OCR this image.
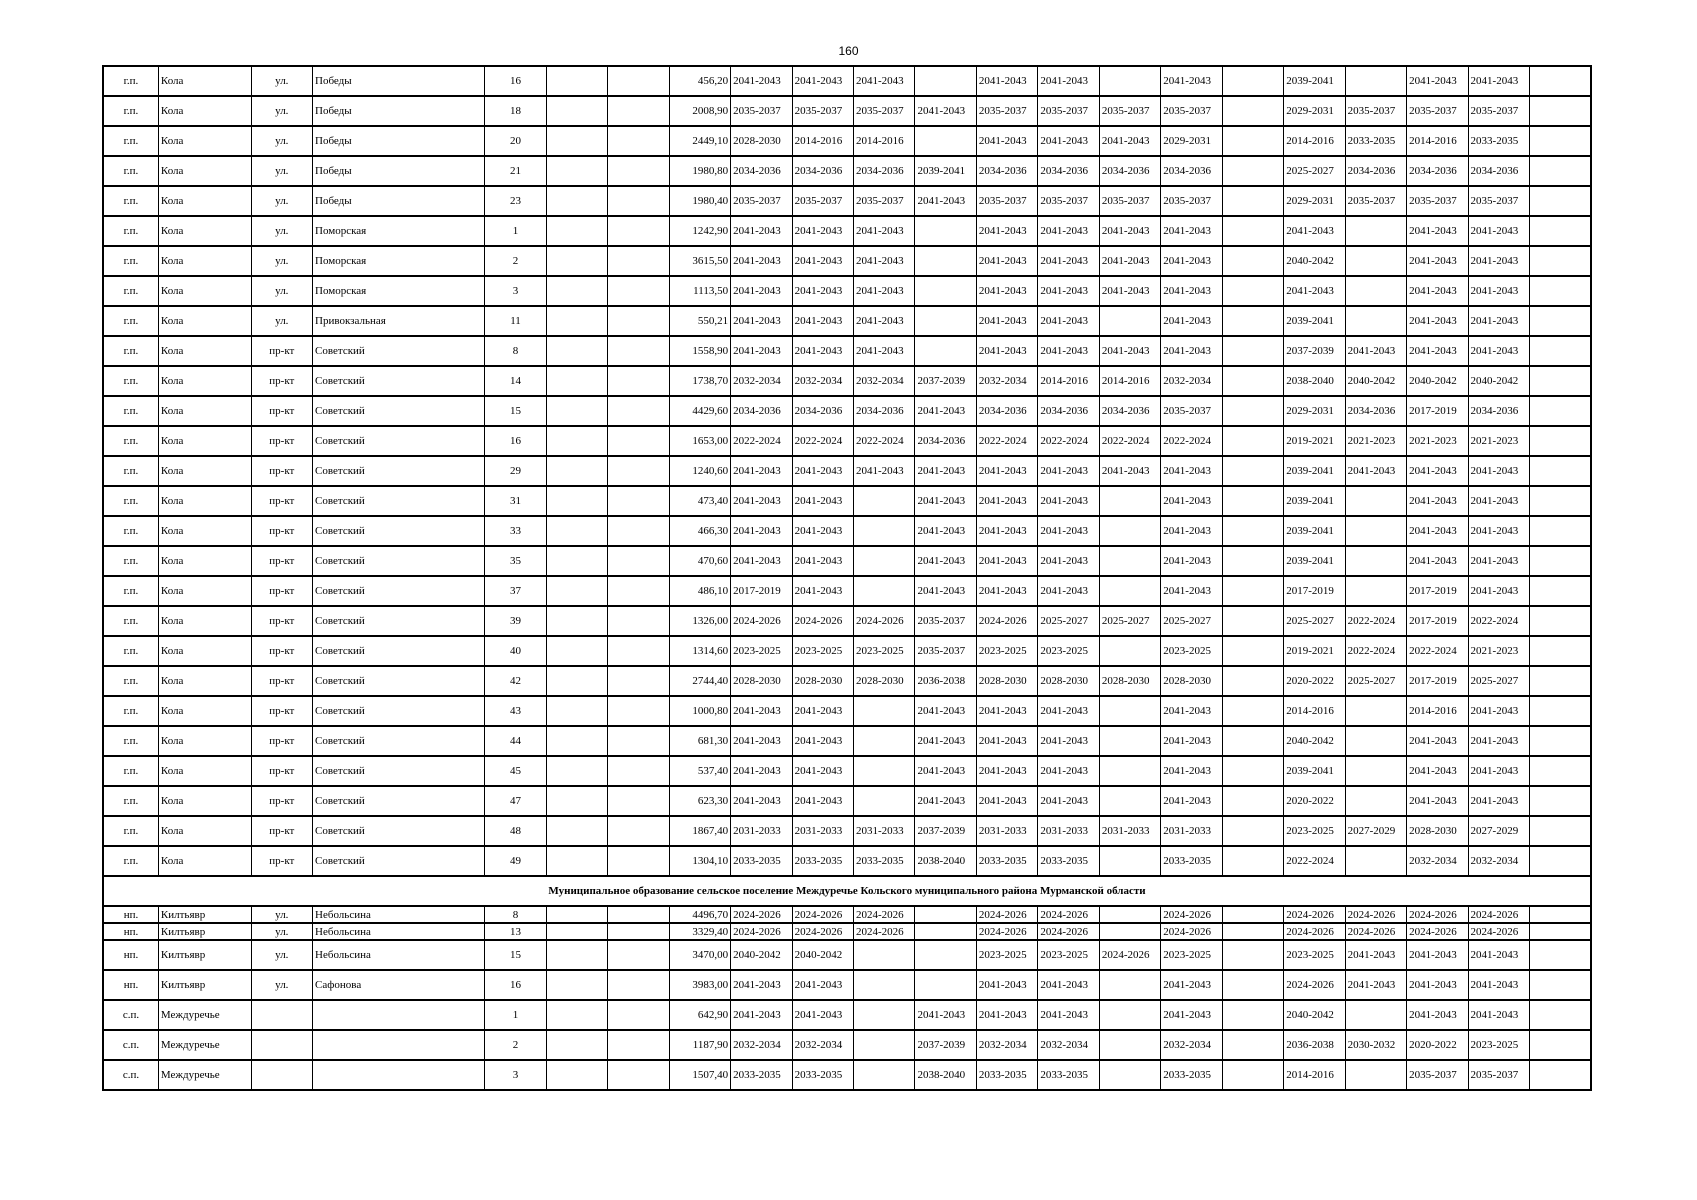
160
г.п.	Кола	ул.	Победы	16			456,20	2041-2043	2041-2043	2041-2043		2041-2043	2041-2043		2041-2043		2039-2041		2041-2043	2041-2043	
г.п.	Кола	ул.	Победы	18			2008,90	2035-2037	2035-2037	2035-2037	2041-2043	2035-2037	2035-2037	2035-2037	2035-2037		2029-2031	2035-2037	2035-2037	2035-2037	
г.п.	Кола	ул.	Победы	20			2449,10	2028-2030	2014-2016	2014-2016		2041-2043	2041-2043	2041-2043	2029-2031		2014-2016	2033-2035	2014-2016	2033-2035	
г.п.	Кола	ул.	Победы	21			1980,80	2034-2036	2034-2036	2034-2036	2039-2041	2034-2036	2034-2036	2034-2036	2034-2036		2025-2027	2034-2036	2034-2036	2034-2036	
г.п.	Кола	ул.	Победы	23			1980,40	2035-2037	2035-2037	2035-2037	2041-2043	2035-2037	2035-2037	2035-2037	2035-2037		2029-2031	2035-2037	2035-2037	2035-2037	
г.п.	Кола	ул.	Поморская	1			1242,90	2041-2043	2041-2043	2041-2043		2041-2043	2041-2043	2041-2043	2041-2043		2041-2043		2041-2043	2041-2043	
г.п.	Кола	ул.	Поморская	2			3615,50	2041-2043	2041-2043	2041-2043		2041-2043	2041-2043	2041-2043	2041-2043		2040-2042		2041-2043	2041-2043	
г.п.	Кола	ул.	Поморская	3			1113,50	2041-2043	2041-2043	2041-2043		2041-2043	2041-2043	2041-2043	2041-2043		2041-2043		2041-2043	2041-2043	
г.п.	Кола	ул.	Привокзальная	11			550,21	2041-2043	2041-2043	2041-2043		2041-2043	2041-2043		2041-2043		2039-2041		2041-2043	2041-2043	
г.п.	Кола	пр-кт	Советский	8			1558,90	2041-2043	2041-2043	2041-2043		2041-2043	2041-2043	2041-2043	2041-2043		2037-2039	2041-2043	2041-2043	2041-2043	
г.п.	Кола	пр-кт	Советский	14			1738,70	2032-2034	2032-2034	2032-2034	2037-2039	2032-2034	2014-2016	2014-2016	2032-2034		2038-2040	2040-2042	2040-2042	2040-2042	
г.п.	Кола	пр-кт	Советский	15			4429,60	2034-2036	2034-2036	2034-2036	2041-2043	2034-2036	2034-2036	2034-2036	2035-2037		2029-2031	2034-2036	2017-2019	2034-2036	
г.п.	Кола	пр-кт	Советский	16			1653,00	2022-2024	2022-2024	2022-2024	2034-2036	2022-2024	2022-2024	2022-2024	2022-2024		2019-2021	2021-2023	2021-2023	2021-2023	
г.п.	Кола	пр-кт	Советский	29			1240,60	2041-2043	2041-2043	2041-2043	2041-2043	2041-2043	2041-2043	2041-2043	2041-2043		2039-2041	2041-2043	2041-2043	2041-2043	
г.п.	Кола	пр-кт	Советский	31			473,40	2041-2043	2041-2043		2041-2043	2041-2043	2041-2043		2041-2043		2039-2041		2041-2043	2041-2043	
г.п.	Кола	пр-кт	Советский	33			466,30	2041-2043	2041-2043		2041-2043	2041-2043	2041-2043		2041-2043		2039-2041		2041-2043	2041-2043	
г.п.	Кола	пр-кт	Советский	35			470,60	2041-2043	2041-2043		2041-2043	2041-2043	2041-2043		2041-2043		2039-2041		2041-2043	2041-2043	
г.п.	Кола	пр-кт	Советский	37			486,10	2017-2019	2041-2043		2041-2043	2041-2043	2041-2043		2041-2043		2017-2019		2017-2019	2041-2043	
г.п.	Кола	пр-кт	Советский	39			1326,00	2024-2026	2024-2026	2024-2026	2035-2037	2024-2026	2025-2027	2025-2027	2025-2027		2025-2027	2022-2024	2017-2019	2022-2024	
г.п.	Кола	пр-кт	Советский	40			1314,60	2023-2025	2023-2025	2023-2025	2035-2037	2023-2025	2023-2025		2023-2025		2019-2021	2022-2024	2022-2024	2021-2023	
г.п.	Кола	пр-кт	Советский	42			2744,40	2028-2030	2028-2030	2028-2030	2036-2038	2028-2030	2028-2030	2028-2030	2028-2030		2020-2022	2025-2027	2017-2019	2025-2027	
г.п.	Кола	пр-кт	Советский	43			1000,80	2041-2043	2041-2043		2041-2043	2041-2043	2041-2043		2041-2043		2014-2016		2014-2016	2041-2043	
г.п.	Кола	пр-кт	Советский	44			681,30	2041-2043	2041-2043		2041-2043	2041-2043	2041-2043		2041-2043		2040-2042		2041-2043	2041-2043	
г.п.	Кола	пр-кт	Советский	45			537,40	2041-2043	2041-2043		2041-2043	2041-2043	2041-2043		2041-2043		2039-2041		2041-2043	2041-2043	
г.п.	Кола	пр-кт	Советский	47			623,30	2041-2043	2041-2043		2041-2043	2041-2043	2041-2043		2041-2043		2020-2022		2041-2043	2041-2043	
г.п.	Кола	пр-кт	Советский	48			1867,40	2031-2033	2031-2033	2031-2033	2037-2039	2031-2033	2031-2033	2031-2033	2031-2033		2023-2025	2027-2029	2028-2030	2027-2029	
г.п.	Кола	пр-кт	Советский	49			1304,10	2033-2035	2033-2035	2033-2035	2038-2040	2033-2035	2033-2035		2033-2035		2022-2024		2032-2034	2032-2034	
Муниципальное образование сельское поселение Междуречье Кольского муниципального района Мурманской области																					
нп.	Килтьявр	ул.	Небольсина	8			4496,70	2024-2026	2024-2026	2024-2026		2024-2026	2024-2026		2024-2026		2024-2026	2024-2026	2024-2026	2024-2026	
нп.	Килтьявр	ул.	Небольсина	13			3329,40	2024-2026	2024-2026	2024-2026		2024-2026	2024-2026		2024-2026		2024-2026	2024-2026	2024-2026	2024-2026	
нп.	Килтьявр	ул.	Небольсина	15			3470,00	2040-2042	2040-2042			2023-2025	2023-2025	2024-2026	2023-2025		2023-2025	2041-2043	2041-2043	2041-2043	
нп.	Килтьявр	ул.	Сафонова	16			3983,00	2041-2043	2041-2043			2041-2043	2041-2043		2041-2043		2024-2026	2041-2043	2041-2043	2041-2043	
с.п.	Междуречье			1			642,90	2041-2043	2041-2043		2041-2043	2041-2043	2041-2043		2041-2043		2040-2042		2041-2043	2041-2043	
с.п.	Междуречье			2			1187,90	2032-2034	2032-2034		2037-2039	2032-2034	2032-2034		2032-2034		2036-2038	2030-2032	2020-2022	2023-2025	
с.п.	Междуречье			3			1507,40	2033-2035	2033-2035		2038-2040	2033-2035	2033-2035		2033-2035		2014-2016		2035-2037	2035-2037	
